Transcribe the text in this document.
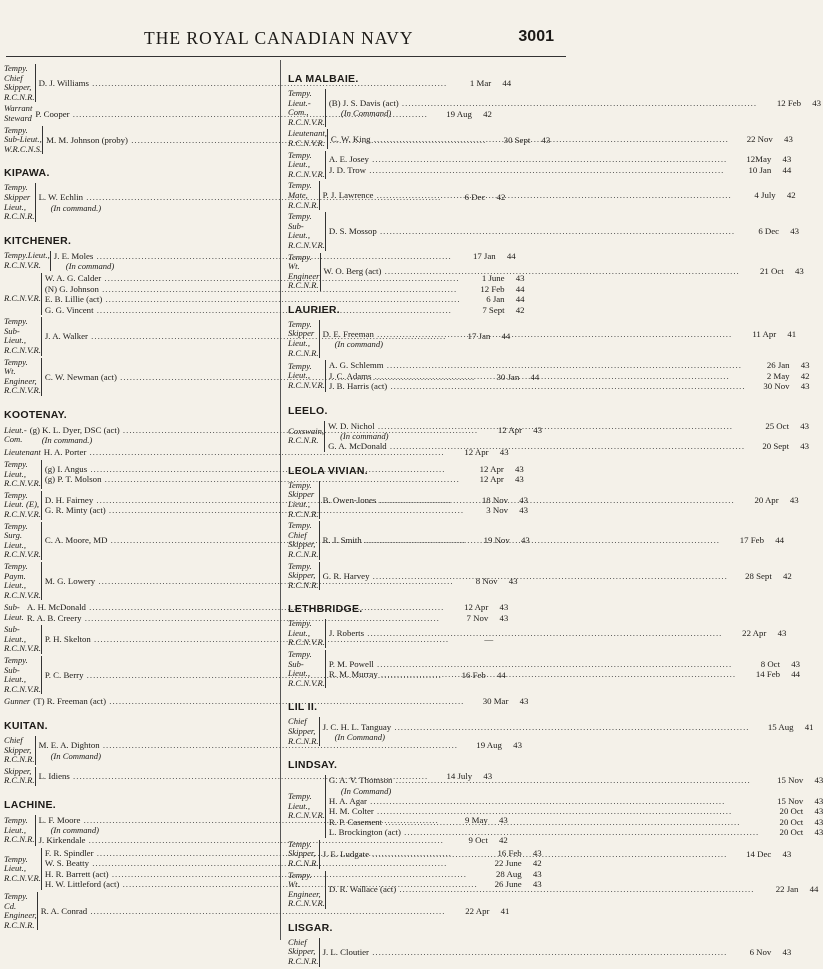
THE ROYAL CANADIAN NAVY	3001
Tempy.
Chief Skipper,
R.C.N.R.
D. J. Williams .....	1 Mar	44
Warrant Steward P. Cooper .....	19 Aug	42
Tempy.
Sub-Lieut.,
W.R.C.N.S.
M. M. Johnson (proby) .....	30 Sept	43
KIPAWA.
Tempy.
Skipper Lieut.,
R.C.N.R.
L. W. Echlin .....	6 Dec	42
(In command.)
KITCHENER.
Tempy.Lieut.,
R.C.N.V.R.
J. E. Moles .....	17 Jan	44
(In command)

R.C.N.V.R.
W. A. G. Calder .....	1 June	43
(N) G. Johnson .....	12 Feb	44
E. B. Lillie (act) .....	6 Jan	44
G. G. Vincent .....	7 Sept	42
Tempy.
Sub-Lieut.,
R.C.N.V.R.
J. A. Walker .....	17 Jan	44
Tempy. Wt.
Engineer,
R.C.N.V.R.
C. W. Newman (act) .....	30 Jan	44
KOOTENAY.
Lieut.-Com.
(g) K. L. Dyer, DSC (act) .....	12 Apr	43
(In command.)
Lieutenant H. A. Porter .....	12 Apr	43
Tempy. Lieut.,
R.C.N.V.R.
(g) I. Angus .....	12 Apr	43
(g) P. T. Molson .....	12 Apr	43
Tempy.
Lieut. (E),
R.C.N.V.R.
D. H. Fairney .....	18 Nov	43
G. R. Minty (act) .....	3 Nov	43
Tempy.
Surg. Lieut.,
R.C.N.V.R.
C. A. Moore, MD .....	19 Nov	43
Tempy. Paym.
Lieut.,
R.C.N.V.R.
M. G. Lowery .....	8 Nov	43
Sub-Lieut.
A. H. McDonald .....	12 Apr	43
R. A. B. Creery .....	7 Nov	43
Sub-Lieut.,
R.C.N.V.R.
P. H. Skelton .....	—
Tempy.
Sub-Lieut.,
R.C.N.V.R.
P. C. Berry .....	16 Feb	44
Gunner (T) R. Freeman (act) .....	30 Mar	43
KUITAN.
Chief Skipper,
R.C.N.R.
M. E. A. Dighton .....	19 Aug	43
(In Command)
Skipper,
R.C.N.R. L. Idiens .....	14 July	43
LACHINE.
Tempy. Lieut.,
R.C.N.R.
L. F. Moore .....	9 May	43
(In command)
J. Kirkendale .....	9 Oct	42
Tempy. Lieut.,
R.C.N.V.R.
F. R. Spindler .....	16 Feb	43
W. S. Beatty .....	22 June	42
H. R. Barrett (act) .....	28 Aug	43
H. W. Littleford (act) .....	26 June	43
Tempy. Cd.
Engineer,
R.C.N.R.
R. A. Conrad .....	22 Apr	41
LA MALBAIE.
Tempy.
Lieut.-Com.,
R.C.N.V.R.
(B) J. S. Davis (act) .....	12 Feb	43
(In Command)
Lieutenant,
R.C.N.V.R. C. W. King .....	22 Nov	43
Tempy. Lieut.,
R.C.N.V.R.
A. E. Josey .....	12May	43
J. D. Trow .....	10 Jan	44
Tempy. Mate,
R.C.N.R.
P. J. Lawrence .....	4 July	42
Tempy.
Sub-Lieut.,
R.C.N.V.R.
D. S. Mossop .....	6 Dec	43
Tempy.
Wt. Engineer
R.C.N.R.
W. O. Berg (act) .....	21 Oct	43
LAURIER.
Tempy.
Skipper Lieut.,
R.C.N.R.
D. E. Freeman .....	11 Apr	41
(In command)
Tempy. Lieut.,
R.C.N.V.R.
A. G. Schlemm .....	26 Jan	43
J. C. Adams .....	2 May	42
J. B. Harris (act) .....	30 Nov	43
LEELO.
Coxswain,
R.C.N.R.
W. D. Nichol .....	25 Oct	43
(In command)
G. A. McDonald .....	20 Sept	43
LEOLA VIVIAN.
Tempy.
Skipper Lieut.,
R.C.N.R.
B. Owen-Jones .....	20 Apr	43
Tempy. Chief
Skipper,
R.C.N.R.
R. J. Smith .....	17 Feb	44
Tempy.
Skipper,
R.C.N.R.
G. R. Harvey .....	28 Sept	42
LETHBRIDGE.
Tempy. Lieut.,
R.C.N.V.R.
J. Roberts .....	22 Apr	43
Tempy.
Sub-Lieut.,
R.C.N.V.R.
P. M. Powell .....	8 Oct	43
R. M. Murray .....	14 Feb	44
LIL II.
Chief
Skipper,
R.C.N.R.
J. C. H. L. Tanguay .....	15 Aug	41
(In Command)
LINDSAY.
Tempy. Lieut.,
R.C.N.V.R.
G. A. V. Thomson .....	15 Nov	43
(In Command)
H. A. Agar .....	15 Nov	43
H. M. Colter .....	20 Oct	43
R. P. Casement .....	20 Oct	43
L. Brockington (act) .....	20 Oct	43
Tempy.
Skipper,
R.C.N.R.
J. E. Ludgate .....	14 Dec	43
Tempy. Wt.
Engineer,
R.C.N.V.R.
D. R. Wallace (act) .....	22 Jan	44
LISGAR.
Chief Skipper,
R.C.N.R.
J. L. Cloutier .....	6 Nov	43
